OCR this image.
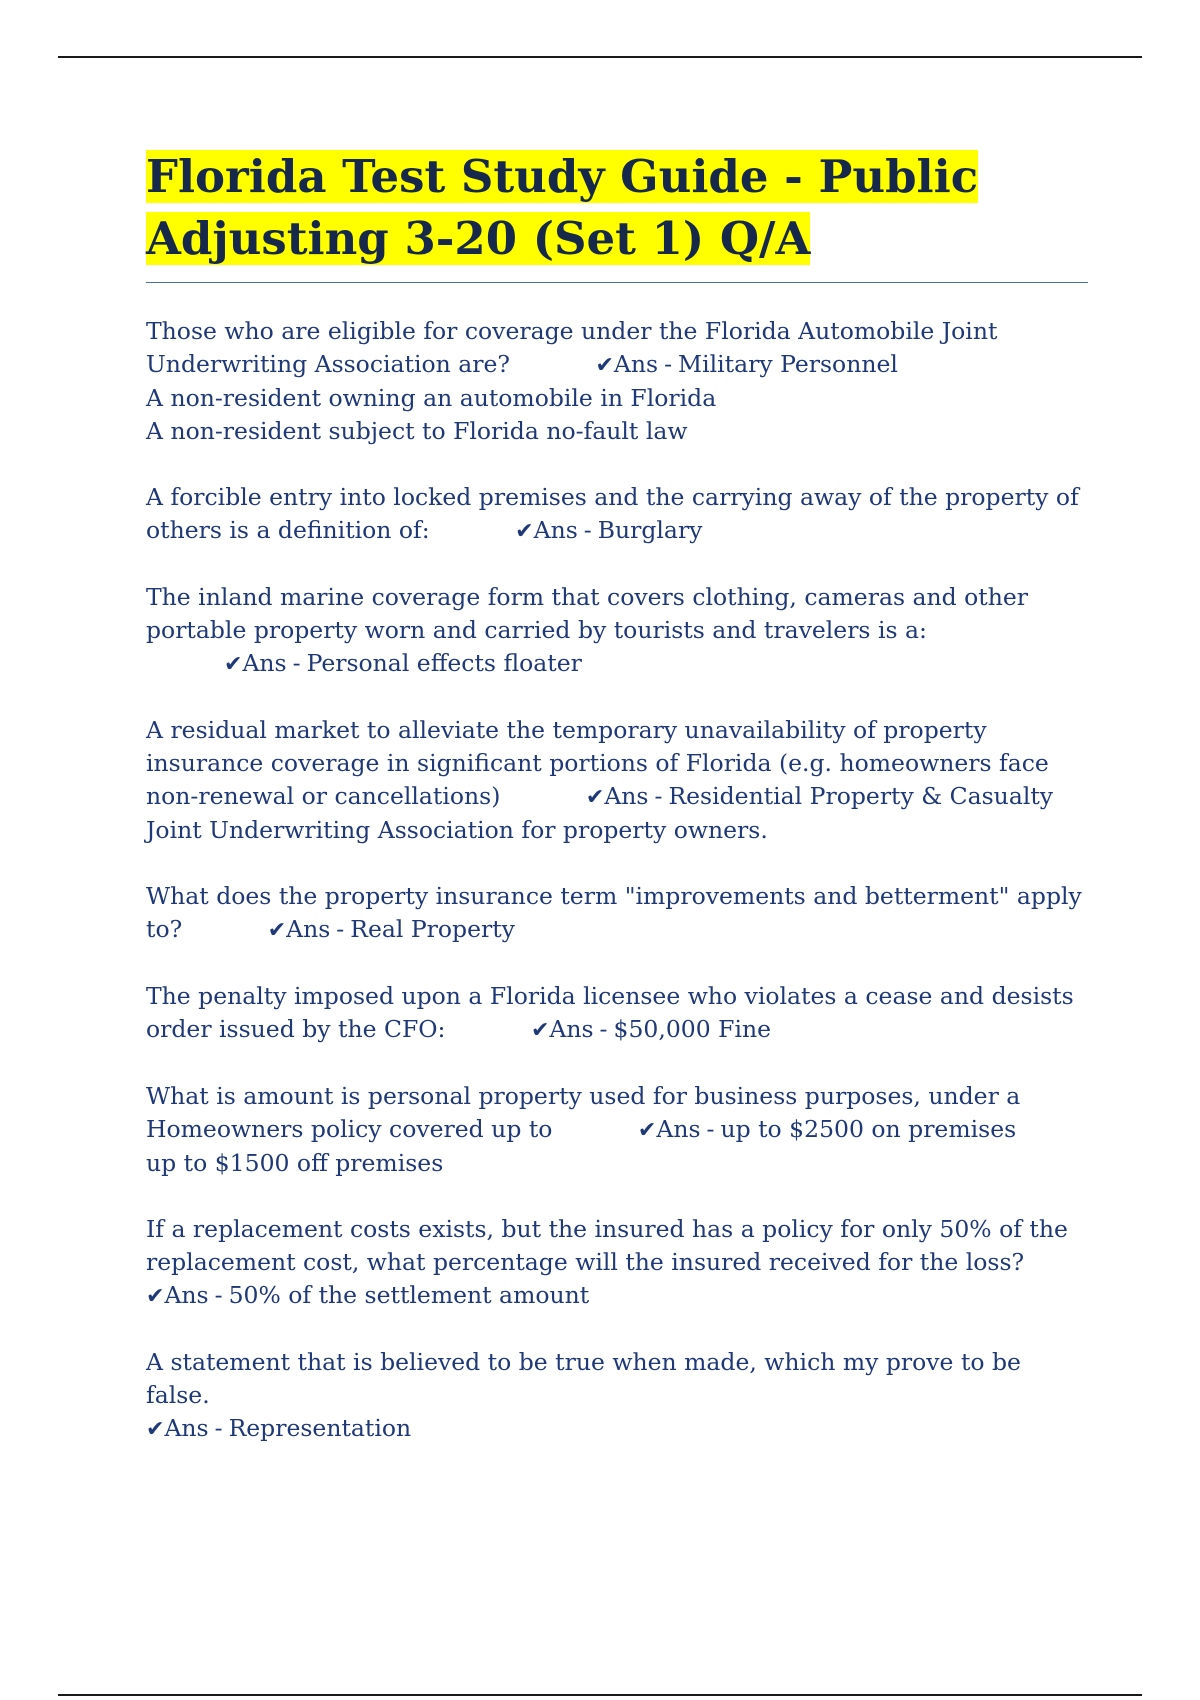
Florida Test Study Guide - Public
Adjusting 3-20 (Set 1) Q/A

Those who are eligible for coverage under the Florida Automobile Joint Underwriting Association are?	✔Ans - Military Personnel
A non-resident owning an automobile in Florida
A non-resident subject to Florida no-fault law

A forcible entry into locked premises and the carrying away of the property of others is a definition of:	✔Ans - Burglary

The inland marine coverage form that covers clothing, cameras and other portable property worn and carried by tourists and travelers is a: ✔Ans - Personal effects floater

A residual market to alleviate the temporary unavailability of property insurance coverage in significant portions of Florida (e.g. homeowners face non-renewal or cancellations)	✔Ans - Residential Property & Casualty Joint Underwriting Association for property owners.

What does the property insurance term "improvements and betterment" apply to?	✔Ans - Real Property

The penalty imposed upon a Florida licensee who violates a cease and desists order issued by the CFO:	✔Ans - $50,000 Fine

What is amount is personal property used for business purposes, under a Homeowners policy covered up to	✔Ans - up to $2500 on premises
up to $1500 off premises

If a replacement costs exists, but the insured has a policy for only 50% of the replacement cost, what percentage will the insured received for the loss?
✔Ans - 50% of the settlement amount

A statement that is believed to be true when made, which my prove to be false.
✔Ans - Representation
